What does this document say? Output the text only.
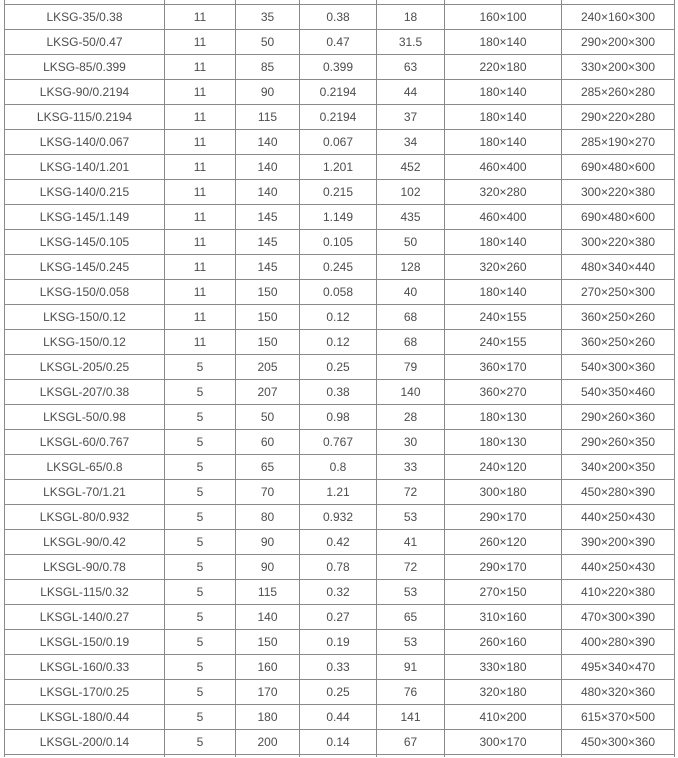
LKSG-35/0.38	11	35	0.38	18	160×100	240×160×300
LKSG-50/0.47	11	50	0.47	31.5	180×140	290×200×300
LKSG-85/0.399	11	85	0.399	63	220×180	330×200×300
LKSG-90/0.2194	11	90	0.2194	44	180×140	285×260×280
LKSG-115/0.2194	11	115	0.2194	37	180×140	290×220×280
LKSG-140/0.067	11	140	0.067	34	180×140	285×190×270
LKSG-140/1.201	11	140	1.201	452	460×400	690×480×600
LKSG-140/0.215	11	140	0.215	102	320×280	300×220×380
LKSG-145/1.149	11	145	1.149	435	460×400	690×480×600
LKSG-145/0.105	11	145	0.105	50	180×140	300×220×380
LKSG-145/0.245	11	145	0.245	128	320×260	480×340×440
LKSG-150/0.058	11	150	0.058	40	180×140	270×250×300
LKSG-150/0.12	11	150	0.12	68	240×155	360×250×260
LKSG-150/0.12	11	150	0.12	68	240×155	360×250×260
LKSGL-205/0.25	5	205	0.25	79	360×170	540×300×360
LKSGL-207/0.38	5	207	0.38	140	360×270	540×350×460
LKSGL-50/0.98	5	50	0.98	28	180×130	290×260×360
LKSGL-60/0.767	5	60	0.767	30	180×130	290×260×350
LKSGL-65/0.8	5	65	0.8	33	240×120	340×200×350
LKSGL-70/1.21	5	70	1.21	72	300×180	450×280×390
LKSGL-80/0.932	5	80	0.932	53	290×170	440×250×430
LKSGL-90/0.42	5	90	0.42	41	260×120	390×200×390
LKSGL-90/0.78	5	90	0.78	72	290×170	440×250×430
LKSGL-115/0.32	5	115	0.32	53	270×150	410×220×380
LKSGL-140/0.27	5	140	0.27	65	310×160	470×300×390
LKSGL-150/0.19	5	150	0.19	53	260×160	400×280×390
LKSGL-160/0.33	5	160	0.33	91	330×180	495×340×470
LKSGL-170/0.25	5	170	0.25	76	320×180	480×320×360
LKSGL-180/0.44	5	180	0.44	141	410×200	615×370×500
LKSGL-200/0.14	5	200	0.14	67	300×170	450×300×360
